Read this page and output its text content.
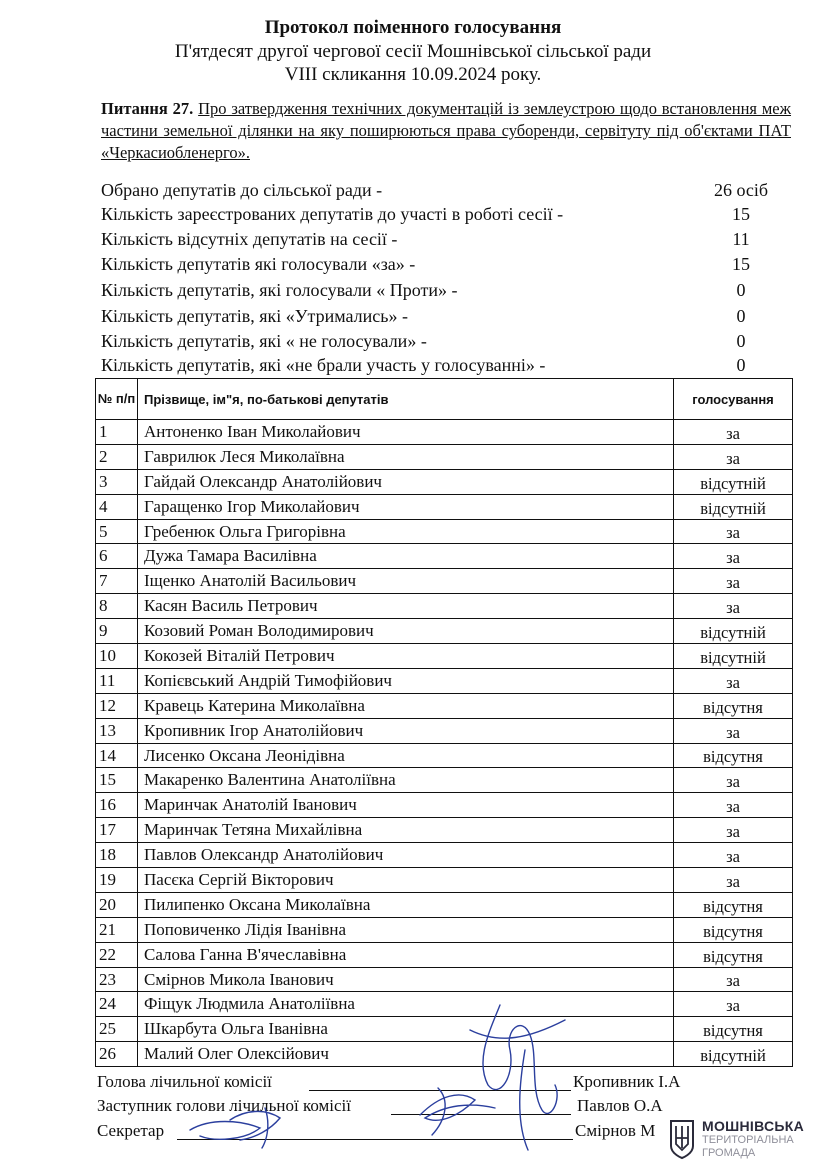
Протокол поіменного голосування
П'ятдесят другої чергової сесії Мошнівської сільської ради
VIII скликання 10.09.2024 року.
Питання 27. Про затвердження технічних документацій із землеустрою щодо встановлення меж частини земельної ділянки на яку поширюються права суборенди, сервітуту під об'єктами ПАТ «Черкасиобленерго».
Обрано депутатів до сільської ради -	26 осіб
Кількість зареєстрованих депутатів до участі в роботі сесії -	15
Кількість відсутніх депутатів на сесії -	11
Кількість депутатів які голосували «за» -	15
Кількість депутатів, які голосували « Проти» -	0
Кількість депутатів, які «Утримались» -	0
Кількість депутатів, які « не голосували» -	0
Кількість депутатів, які «не брали участь у голосуванні» -	0
№ п/п	Прізвище, ім"я, по-батькові депутатів	голосування
1	Антоненко Іван Миколайович	за
2	Гаврилюк Леся Миколаївна	за
3	Гайдай Олександр Анатолійович	відсутній
4	Гаращенко Ігор Миколайович	відсутній
5	Гребенюк Ольга Григорівна	за
6	Дужа Тамара Василівна	за
7	Іщенко Анатолій Васильович	за
8	Касян Василь Петрович	за
9	Козовий Роман Володимирович	відсутній
10	Кокозей Віталій Петрович	відсутній
11	Копієвський Андрій Тимофійович	за
12	Кравець Катерина Миколаївна	відсутня
13	Кропивник Ігор Анатолійович	за
14	Лисенко Оксана Леонідівна	відсутня
15	Макаренко Валентина Анатоліївна	за
16	Маринчак Анатолій Іванович	за
17	Маринчак Тетяна Михайлівна	за
18	Павлов Олександр Анатолійович	за
19	Пасєка Сергій Вікторович	за
20	Пилипенко Оксана Миколаївна	відсутня
21	Поповиченко Лідія Іванівна	відсутня
22	Салова Ганна В'ячеславівна	відсутня
23	Смірнов Микола Іванович	за
24	Фіщук Людмила Анатоліївна	за
25	Шкарбута Ольга Іванівна	відсутня
26	Малий Олег Олексійович	відсутній
Голова лічильної комісії	Кропивник І.А
Заступник голови лічильної комісії	Павлов О.А
Секретар	Смірнов М	МОШНІВСЬКА
ТЕРИТОРІАЛЬНА
ГРОМАДА
